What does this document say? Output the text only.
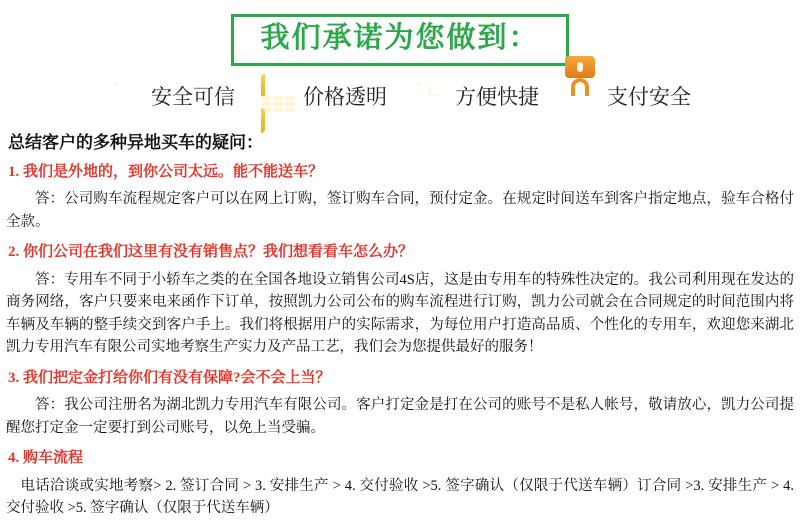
我们承诺为您做到：
安全可信	价格透明	方便快捷	支付安全
总结客户的多种异地买车的疑问：
1. 我们是外地的，到你公司太远。能不能送车？
答：公司购车流程规定客户可以在网上订购，签订购车合同，预付定金。在规定时间送车到客户指定地点，验车合格付全款。
2. 你们公司在我们这里有没有销售点？我们想看看车怎么办？
答：专用车不同于小轿车之类的在全国各地设立销售公司4S店，这是由专用车的特殊性决定的。我公司利用现在发达的商务网络，客户只要来电来函作下订单，按照凯力公司公布的购车流程进行订购，凯力公司就会在合同规定的时间范围内将车辆及车辆的整手续交到客户手上。我们将根据用户的实际需求，为每位用户打造高品质、个性化的专用车，欢迎您来湖北凯力专用汽车有限公司实地考察生产实力及产品工艺，我们会为您提供最好的服务！
3. 我们把定金打给你们有没有保障?会不会上当？
答：我公司注册名为湖北凯力专用汽车有限公司。客户打定金是打在公司的账号不是私人帐号，敬请放心，凯力公司提醒您打定金一定要打到公司账号，以免上当受骗。
4. 购车流程
电话洽谈或实地考察> 2. 签订合同 > 3. 安排生产 > 4. 交付验收 >5. 签字确认（仅限于代送车辆）订合同 >3. 安排生产 > 4. 交付验收 >5. 签字确认（仅限于代送车辆）
